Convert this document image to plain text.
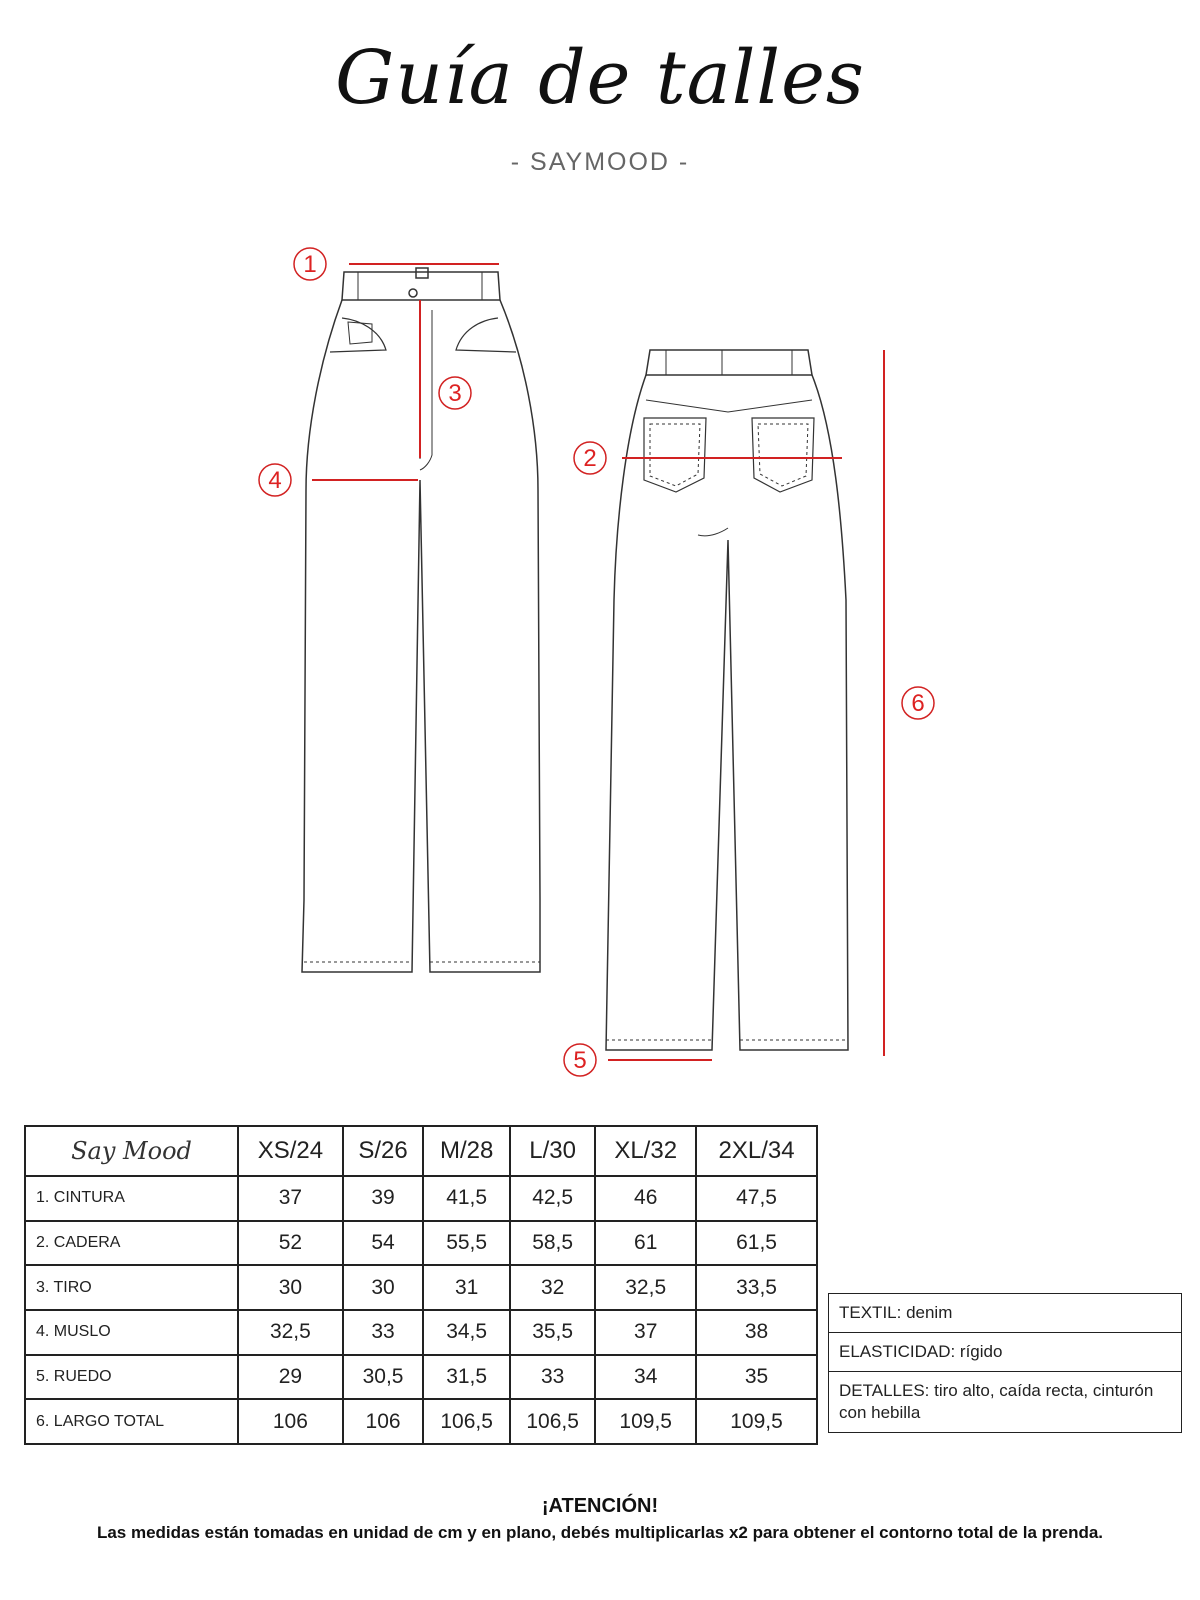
Guía de talles
- SAYMOOD -
1
2
3
4
5
6
Say Mood	XS/24	S/26	M/28	L/30	XL/32	2XL/34
1. CINTURA	37	39	41,5	42,5	46	47,5
2. CADERA	52	54	55,5	58,5	61	61,5
3. TIRO	30	30	31	32	32,5	33,5
4. MUSLO	32,5	33	34,5	35,5	37	38
5. RUEDO	29	30,5	31,5	33	34	35
6. LARGO TOTAL	106	106	106,5	106,5	109,5	109,5
TEXTIL: denim
ELASTICIDAD: rígido
DETALLES: tiro alto, caída recta, cinturón con hebilla
¡ATENCIÓN!
Las medidas están tomadas en unidad de cm y en plano, debés multiplicarlas x2 para obtener el contorno total de la prenda.
